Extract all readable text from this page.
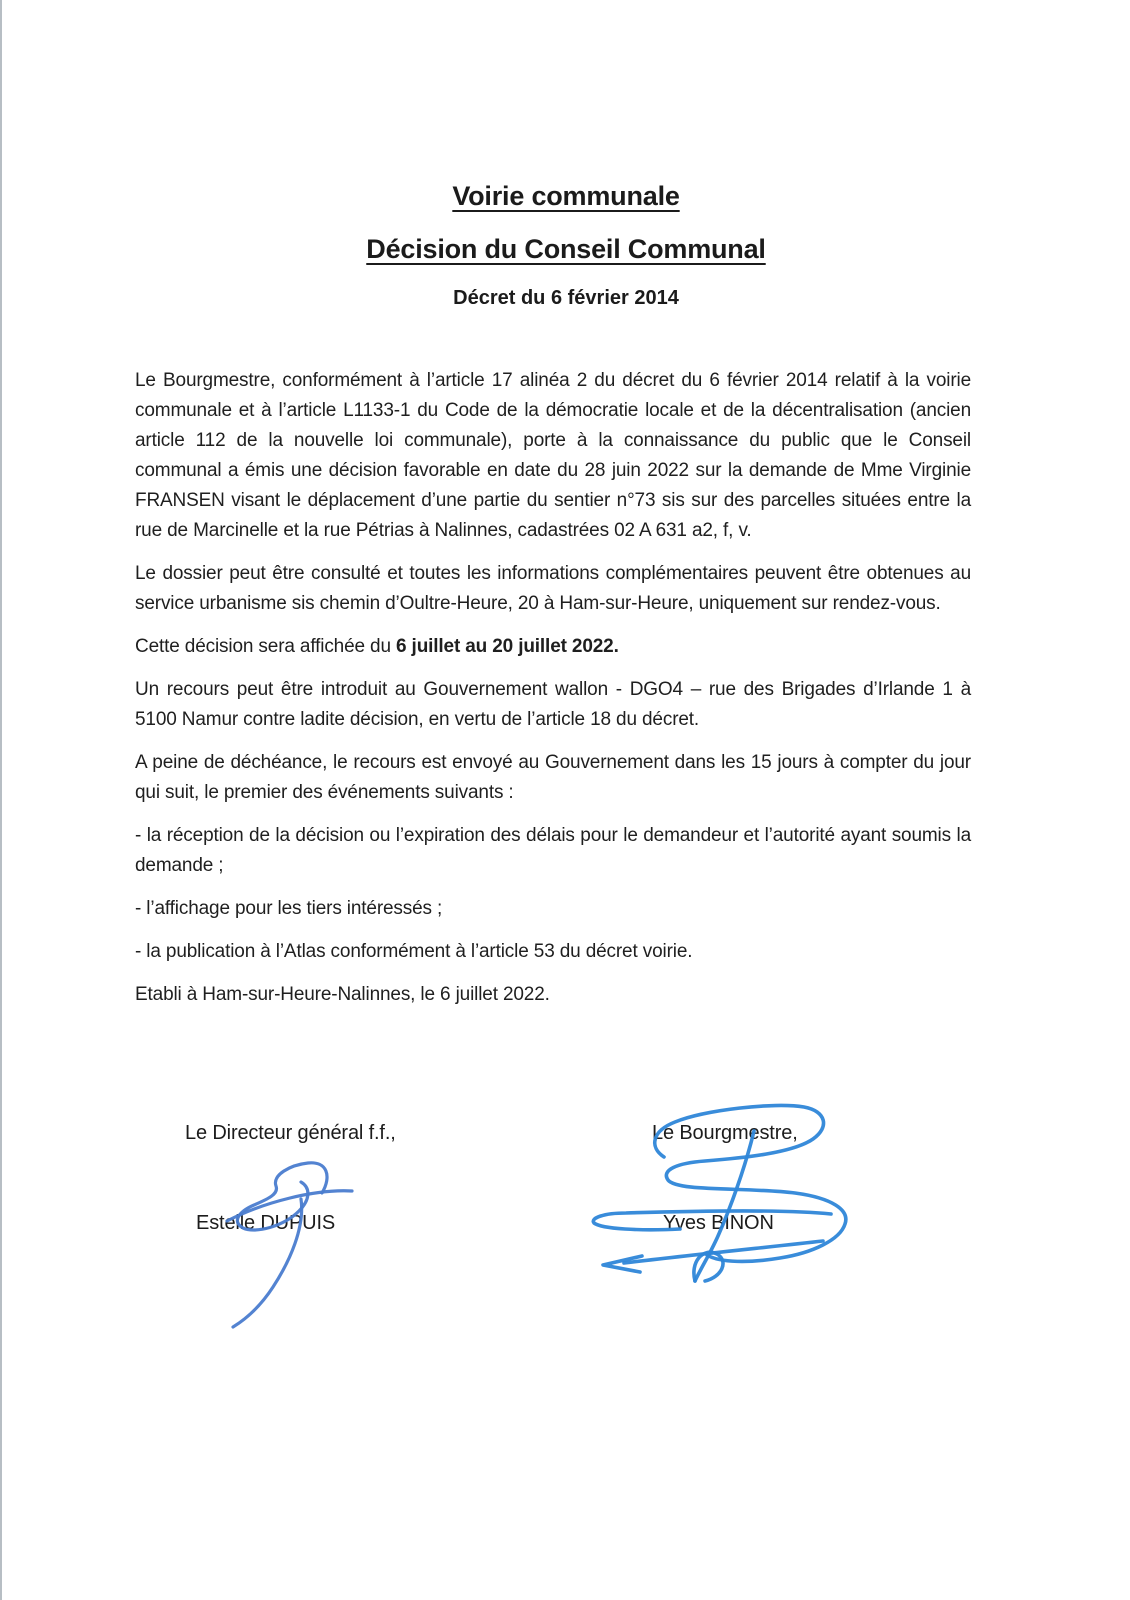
Voirie communale
Décision du Conseil Communal
Décret du 6 février 2014

Le Bourgmestre, conformément à l’article 17 alinéa 2 du décret du 6 février 2014 relatif à la voirie communale et à l’article L1133-1 du Code de la démocratie locale et de la décentralisation (ancien article 112 de la nouvelle loi communale), porte à la connaissance du public que le Conseil communal a émis une décision favorable en date du 28 juin 2022 sur la demande de Mme Virginie FRANSEN visant le déplacement d’une partie du sentier n°73 sis sur des parcelles situées entre la rue de Marcinelle et la rue Pétrias à Nalinnes, cadastrées 02 A 631 a2, f, v.

Le dossier peut être consulté et toutes les informations complémentaires peuvent être obtenues au service urbanisme sis chemin d’Oultre-Heure, 20 à Ham-sur-Heure, uniquement sur rendez-vous.

Cette décision sera affichée du 6 juillet au 20 juillet 2022.

Un recours peut être introduit au Gouvernement wallon - DGO4 – rue des Brigades d’Irlande 1 à 5100 Namur contre ladite décision, en vertu de l’article 18 du décret.

A peine de déchéance, le recours est envoyé au Gouvernement dans les 15 jours à compter du jour qui suit, le premier des événements suivants :

- la réception de la décision ou l’expiration des délais pour le demandeur et l’autorité ayant soumis la demande ;

- l’affichage pour les tiers intéressés ;

- la publication à l’Atlas conformément à l’article 53 du décret voirie.

Etabli à Ham-sur-Heure-Nalinnes, le 6 juillet 2022.

Le Directeur général f.f.,	Le Bourgmestre,
Estelle DUPUIS	Yves BINON
